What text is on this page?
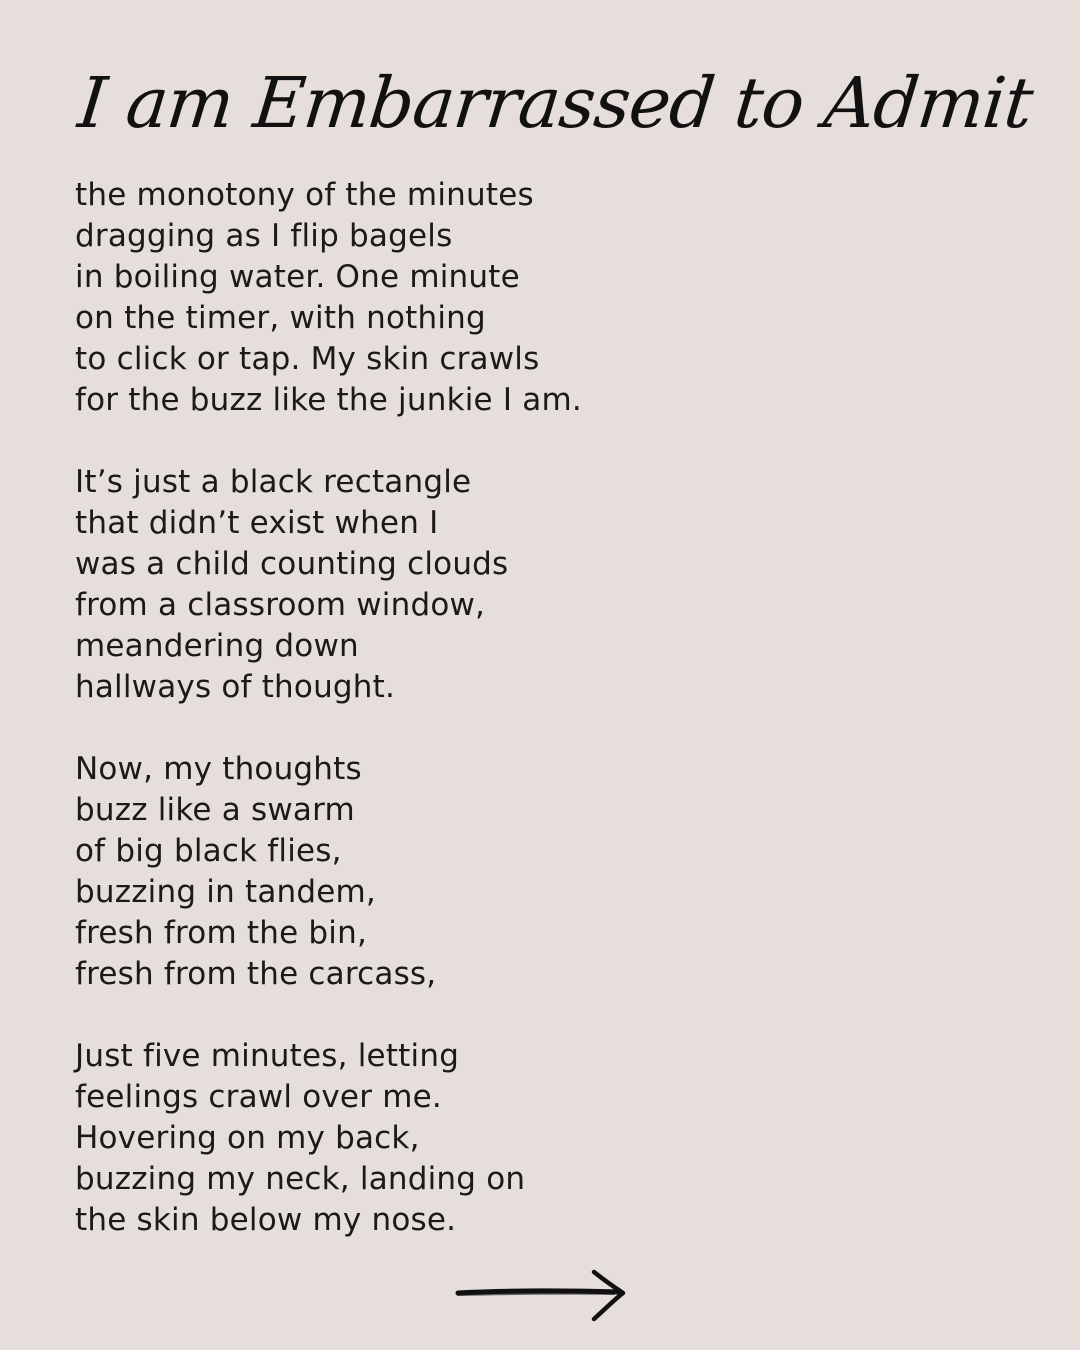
I am Embarrassed to Admit
the monotony of the minutes
dragging as I flip bagels
in boiling water. One minute
on the timer, with nothing
to click or tap. My skin crawls
for the buzz like the junkie I am.
It’s just a black rectangle
that didn’t exist when I
was a child counting clouds
from a classroom window,
meandering down
hallways of thought.
Now, my thoughts
buzz like a swarm
of big black flies,
buzzing in tandem,
fresh from the bin,
fresh from the carcass,
Just five minutes, letting
feelings crawl over me.
Hovering on my back,
buzzing my neck, landing on
the skin below my nose.
